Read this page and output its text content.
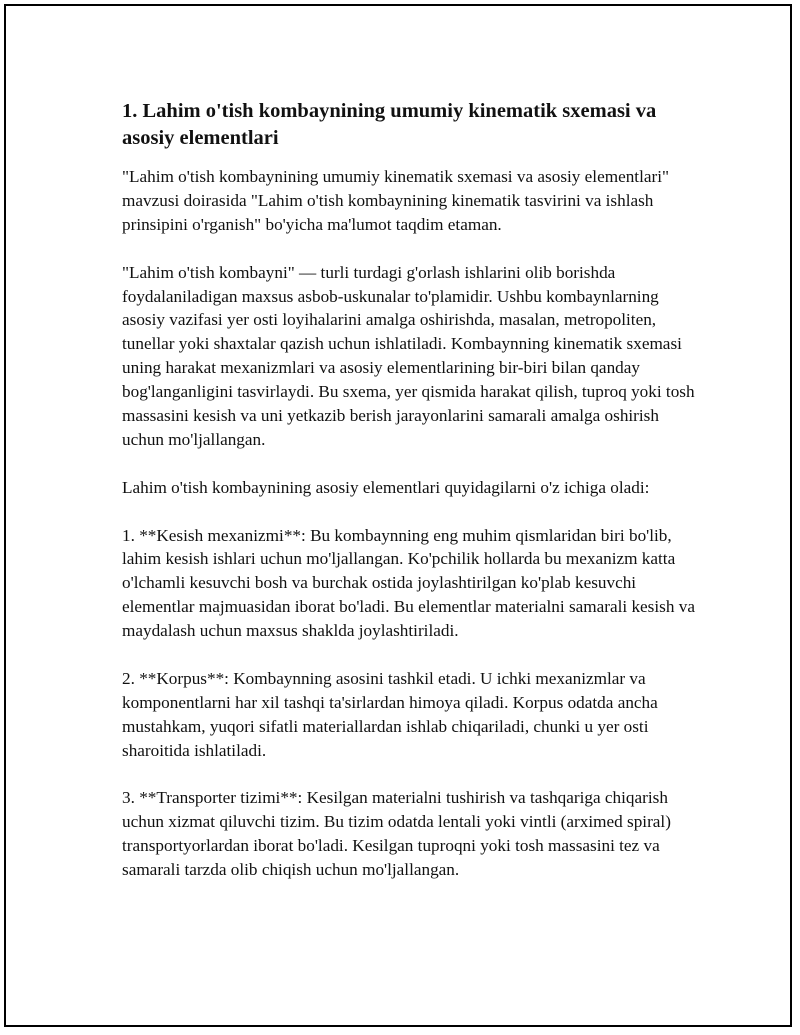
1. Lahim o'tish kombaynining umumiy kinematik sxemasi va asosiy elementlari

"Lahim o'tish kombaynining umumiy kinematik sxemasi va asosiy elementlari" mavzusi doirasida "Lahim o'tish kombaynining kinematik tasvirini va ishlash prinsipini o'rganish" bo'yicha ma'lumot taqdim etaman.

"Lahim o'tish kombayni" — turli turdagi g'orlash ishlarini olib borishda foydalaniladigan maxsus asbob-uskunalar to'plamidir. Ushbu kombaynlarning asosiy vazifasi yer osti loyihalarini amalga oshirishda, masalan, metropoliten, tunellar yoki shaxtalar qazish uchun ishlatiladi. Kombaynning kinematik sxemasi uning harakat mexanizmlari va asosiy elementlarining bir-biri bilan qanday bog'langanligini tasvirlaydi. Bu sxema, yer qismida harakat qilish, tuproq yoki tosh massasini kesish va uni yetkazib berish jarayonlarini samarali amalga oshirish uchun mo'ljallangan.

Lahim o'tish kombaynining asosiy elementlari quyidagilarni o'z ichiga oladi:

1. **Kesish mexanizmi**: Bu kombaynning eng muhim qismlaridan biri bo'lib, lahim kesish ishlari uchun mo'ljallangan. Ko'pchilik hollarda bu mexanizm katta o'lchamli kesuvchi bosh va burchak ostida joylashtirilgan ko'plab kesuvchi elementlar majmuasidan iborat bo'ladi. Bu elementlar materialni samarali kesish va maydalash uchun maxsus shaklda joylashtiriladi.

2. **Korpus**: Kombaynning asosini tashkil etadi. U ichki mexanizmlar va komponentlarni har xil tashqi ta'sirlardan himoya qiladi. Korpus odatda ancha mustahkam, yuqori sifatli materiallardan ishlab chiqariladi, chunki u yer osti sharoitida ishlatiladi.

3. **Transporter tizimi**: Kesilgan materialni tushirish va tashqariga chiqarish uchun xizmat qiluvchi tizim. Bu tizim odatda lentali yoki vintli (arximed spiral) transportyorlardan iborat bo'ladi. Kesilgan tuproqni yoki tosh massasini tez va samarali tarzda olib chiqish uchun mo'ljallangan.
